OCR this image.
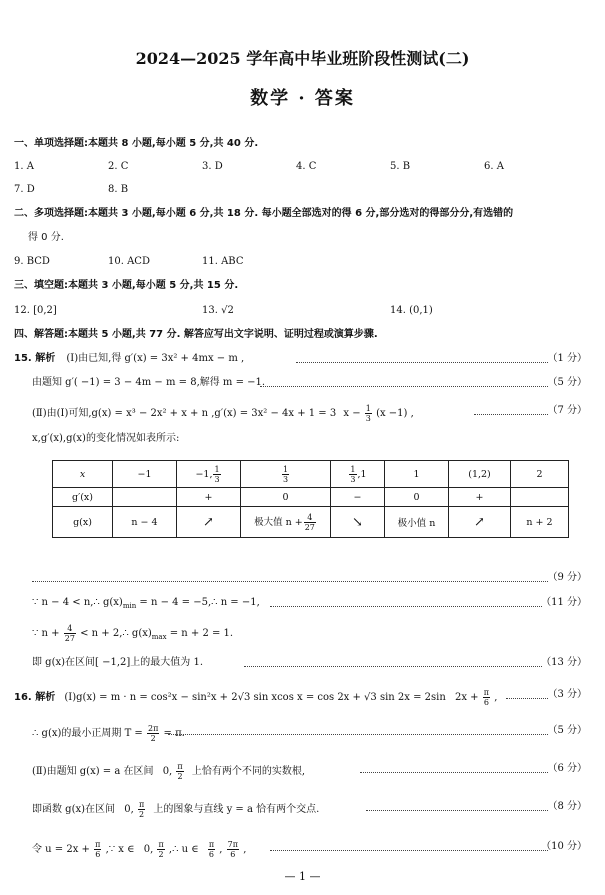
2024—2025 学年高中毕业班阶段性测试(二)
数学 · 答案
一、单项选择题:本题共 8 小题,每小题 5 分,共 40 分.
1. A	2. C	3. D	4. C	5. B	6. A
7. D	8. B
二、多项选择题:本题共 3 小题,每小题 6 分,共 18 分. 每小题全部选对的得 6 分,部分选对的得部分分,有选错的
得 0 分.
9. BCD	10. ACD	11. ABC
三、填空题:本题共 3 小题,每小题 5 分,共 15 分.
12. [0,2]	13. √2	14. (0,1)
四、解答题:本题共 5 小题,共 77 分. 解答应写出文字说明、证明过程或演算步骤.
15. 解析 (Ⅰ)由已知,得 g′(x) = 3x² + 4mx − m ,	（1 分）
由题知 g′( −1) = 3 − 4m − m = 8,解得 m = −1.	（5 分）
(Ⅱ)由(Ⅰ)可知,g(x) = x³ − 2x² + x + n ,g′(x) = 3x² − 4x + 1 = 3 $x - \frac{1}{3} (x -1)$ ,	（7 分）
x,g′(x),g(x)的变化情况如表所示:
x	−1	−1, $\frac{1}{3}$	$\frac{1}{3}$	$\frac{1}{3} ,1$	1	(1,2)	2
g′(x)		+	0	−	0	+	
g(x)	n − 4	↗	极大值 $n + \frac{4}{27}$	↘	极小值 n	↗	n + 2
（9 分）
∵ n − 4 < n,∴ $g(x)_{min} = n - 4$ = −5,∴ n = −1,	（11 分）
∵ $n + \frac{4}{27} < n$ + 2,∴ $g(x)_{max} = n + 2 = 1$.
即 g(x)在区间[ −1,2]上的最大值为 1.	（13 分）
16. 解析 (Ⅰ)g(x) = m · n = cos²x − sin²x + 2√3 sin xcos x = cos 2x + √3 sin 2x = 2sin $2x + \frac{\pi}{6}$ ,	（3 分）
∴ g(x)的最小正周期 $T = \frac{2\pi}{2} = \pi$.	（5 分）
(Ⅱ)由题知 g(x) = a 在区间 0, $\frac{\pi}{2}$ 上恰有两个不同的实数根,	（6 分）
即函数 g(x)在区间 0, $\frac{\pi}{2}$ 上的图象与直线 y = a 恰有两个交点.	（8 分）
令 $u = 2x + \frac{\pi}{6}$ ,∵ x ∈ 0, $\frac{\pi}{2}$ ,∴ u ∈ $\frac{\pi}{6}$ , $\frac{7\pi}{6}$ ,	（10 分）
— 1 —
